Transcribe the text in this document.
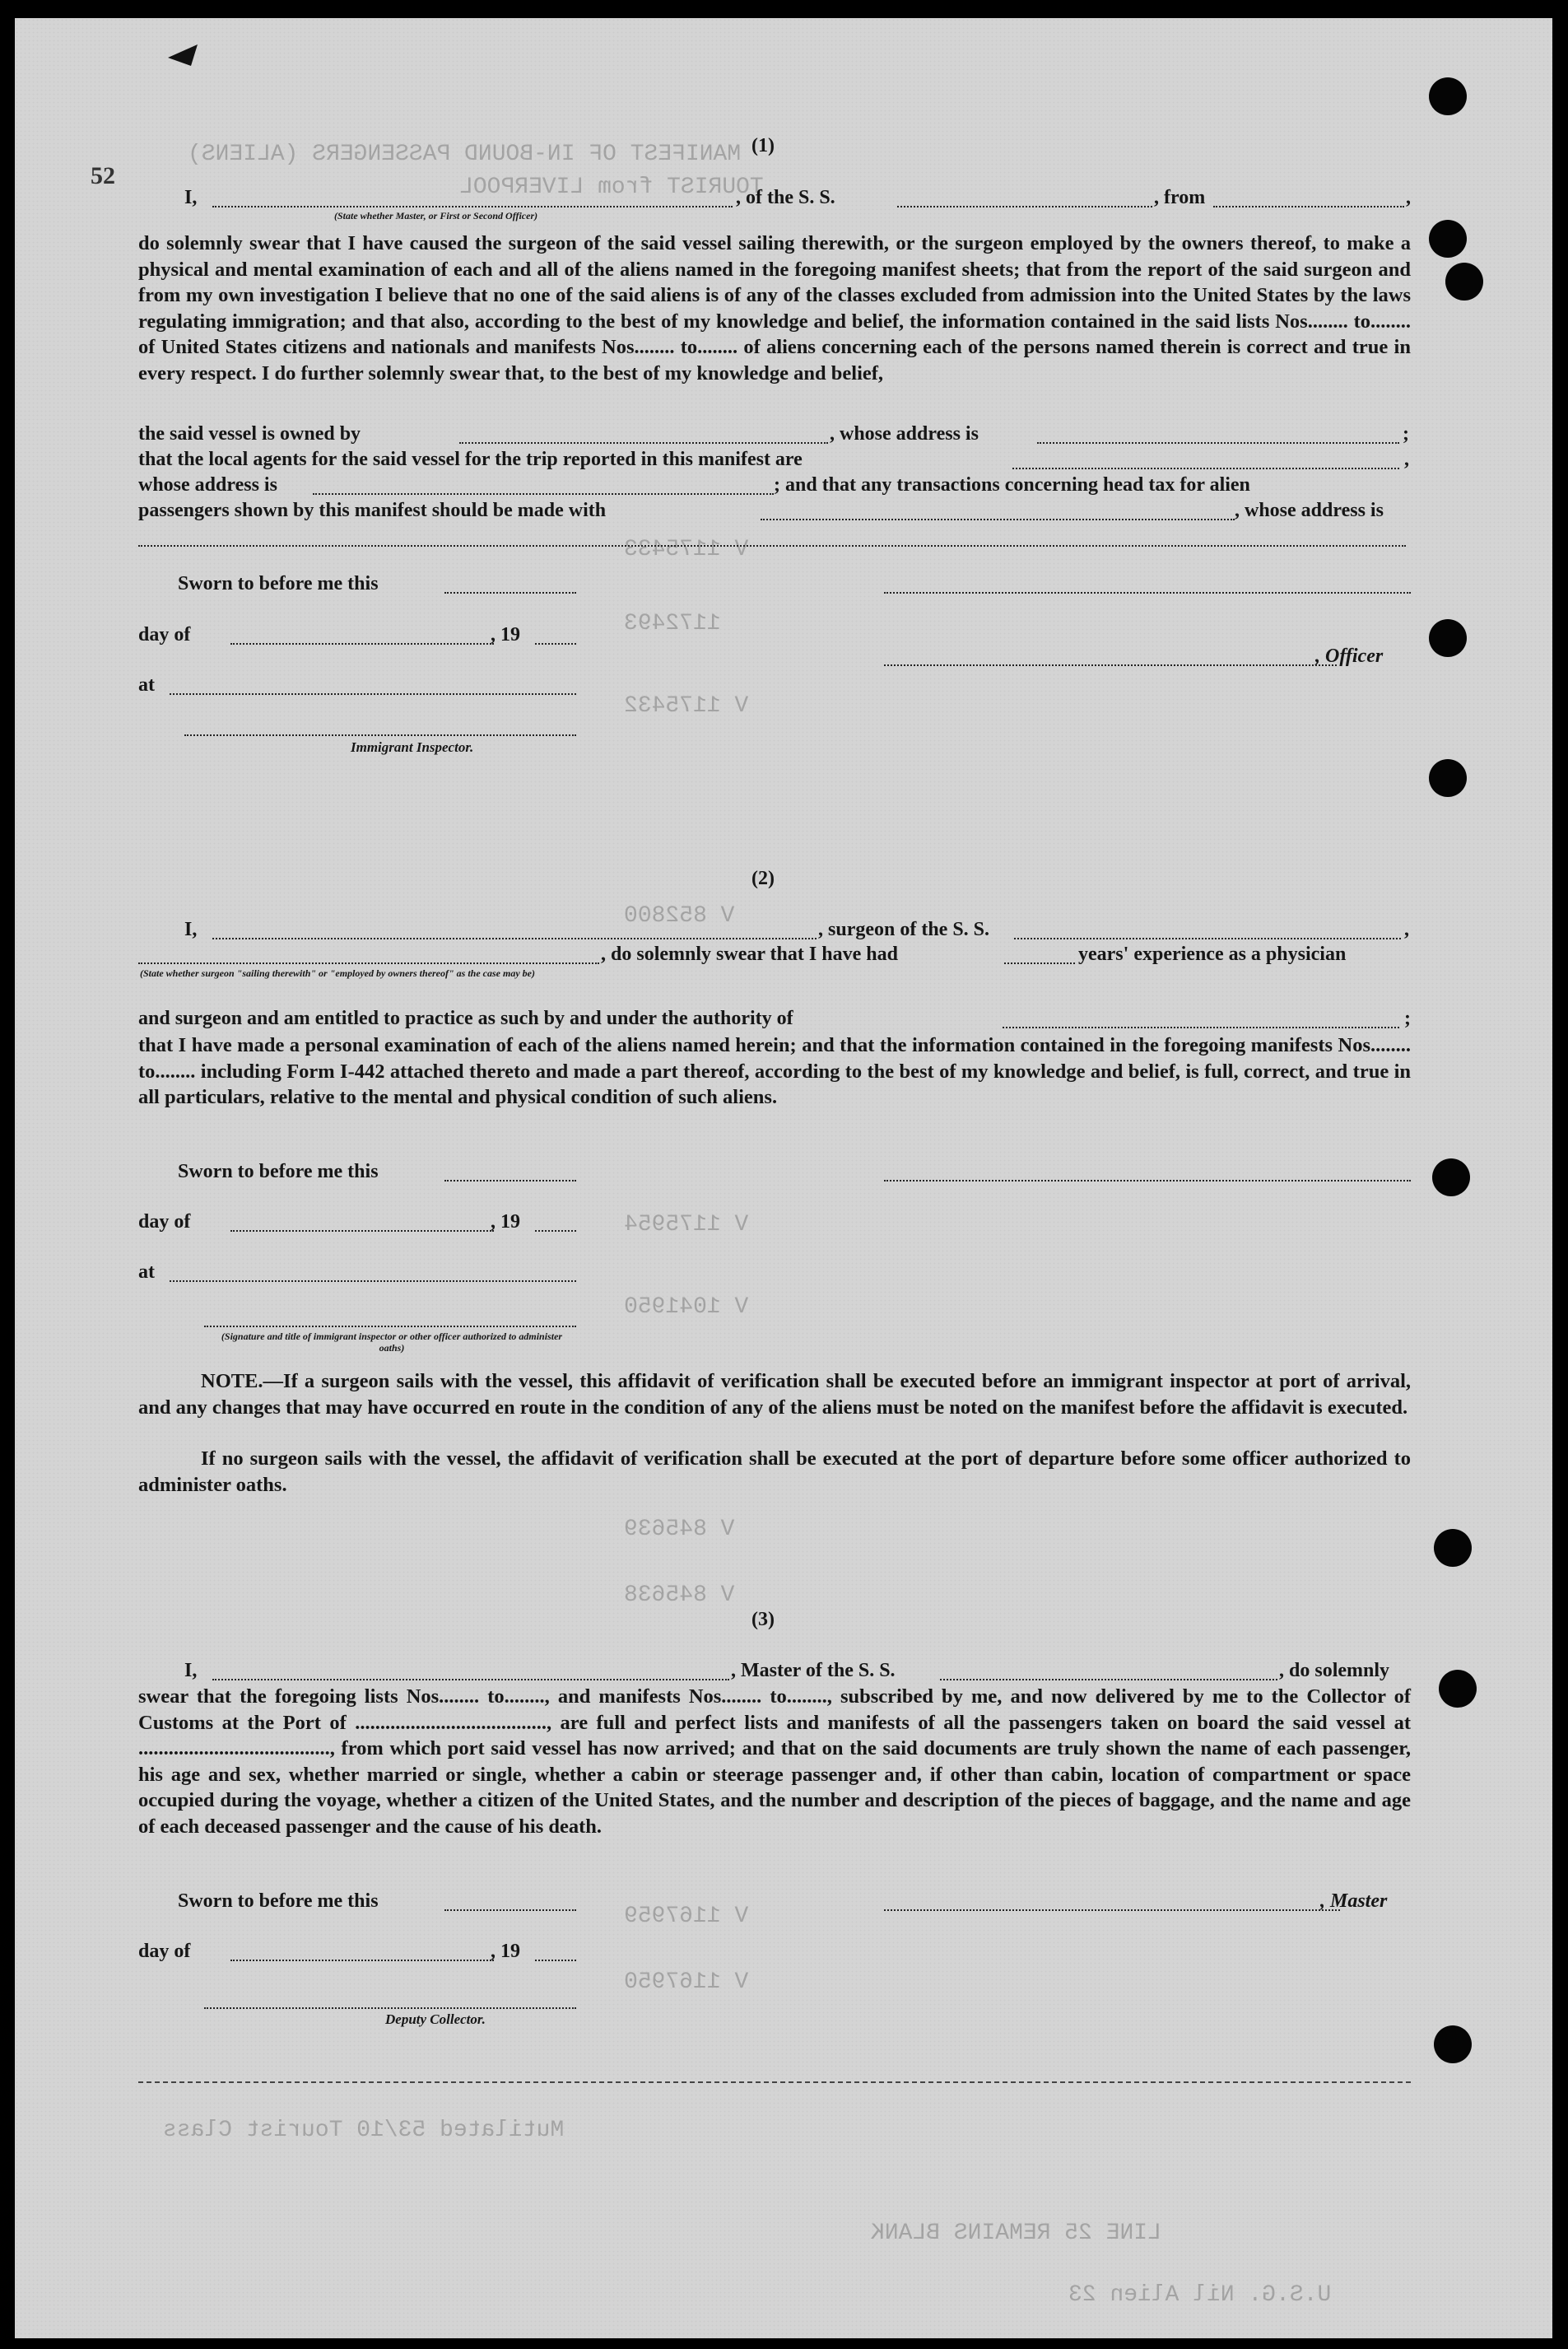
MANIFEST OF IN-BOUND PASSENGERS (ALIENS)
TOURIST from LIVERPOOL
V 1175433
1172493
V 1175432
V 852800
V 1175954
V 1041950
V 845639
V 845638
V 1167959
V 1167950
Mutilated 53/10 Tourist Class
LINE 25 REMAINS BLANK
U.S.G. Nil Alien 23
52
(1)
I,	, of the S. S.	, from	,
(State whether Master, or First or Second Officer)
do solemnly swear that I have caused the surgeon of the said vessel sailing therewith, or the surgeon employed by the owners thereof, to make a physical and mental examination of each and all of the aliens named in the foregoing manifest sheets; that from the report of the said surgeon and from my own investigation I believe that no one of the said aliens is of any of the classes excluded from admission into the United States by the laws regulating immigration; and that also, according to the best of my knowledge and belief, the information contained in the said lists Nos........ to........ of United States citizens and nationals and manifests Nos........ to........ of aliens concerning each of the persons named therein is correct and true in every respect. I do further solemnly swear that, to the best of my knowledge and belief,
the said vessel is owned by	, whose address is	;
that the local agents for the said vessel for the trip reported in this manifest are	,
whose address is	; and that any transactions concerning head tax for alien
passengers shown by this manifest should be made with	, whose address is
Sworn to before me this
day of	, 19
, Officer
at
Immigrant Inspector.
(2)
I,	, surgeon of the S. S.	,
, do solemnly swear that I have had	years' experience as a physician
(State whether surgeon "sailing therewith" or "employed by owners thereof" as the case may be)
and surgeon and am entitled to practice as such by and under the authority of	;
that I have made a personal examination of each of the aliens named herein; and that the information contained in the foregoing manifests Nos........ to........ including Form I-442 attached thereto and made a part thereof, according to the best of my knowledge and belief, is full, correct, and true in all particulars, relative to the mental and physical condition of such aliens.
Sworn to before me this
day of	, 19
at
(Signature and title of immigrant inspector or other officer authorized to administer oaths)
NOTE.—If a surgeon sails with the vessel, this affidavit of verification shall be executed before an immigrant inspector at port of arrival, and any changes that may have occurred en route in the condition of any of the aliens must be noted on the manifest before the affidavit is executed.
If no surgeon sails with the vessel, the affidavit of verification shall be executed at the port of departure before some officer authorized to administer oaths.
(3)
I,	, Master of the S. S.	, do solemnly
swear that the foregoing lists Nos........ to........, and manifests Nos........ to........, subscribed by me, and now delivered by me to the Collector of Customs at the Port of ......................................, are full and perfect lists and manifests of all the passengers taken on board the said vessel at ......................................, from which port said vessel has now arrived; and that on the said documents are truly shown the name of each passenger, his age and sex, whether married or single, whether a cabin or steerage passenger and, if other than cabin, location of compartment or space occupied during the voyage, whether a citizen of the United States, and the number and description of the pieces of baggage, and the name and age of each deceased passenger and the cause of his death.
Sworn to before me this	, Master
day of	, 19
Deputy Collector.
